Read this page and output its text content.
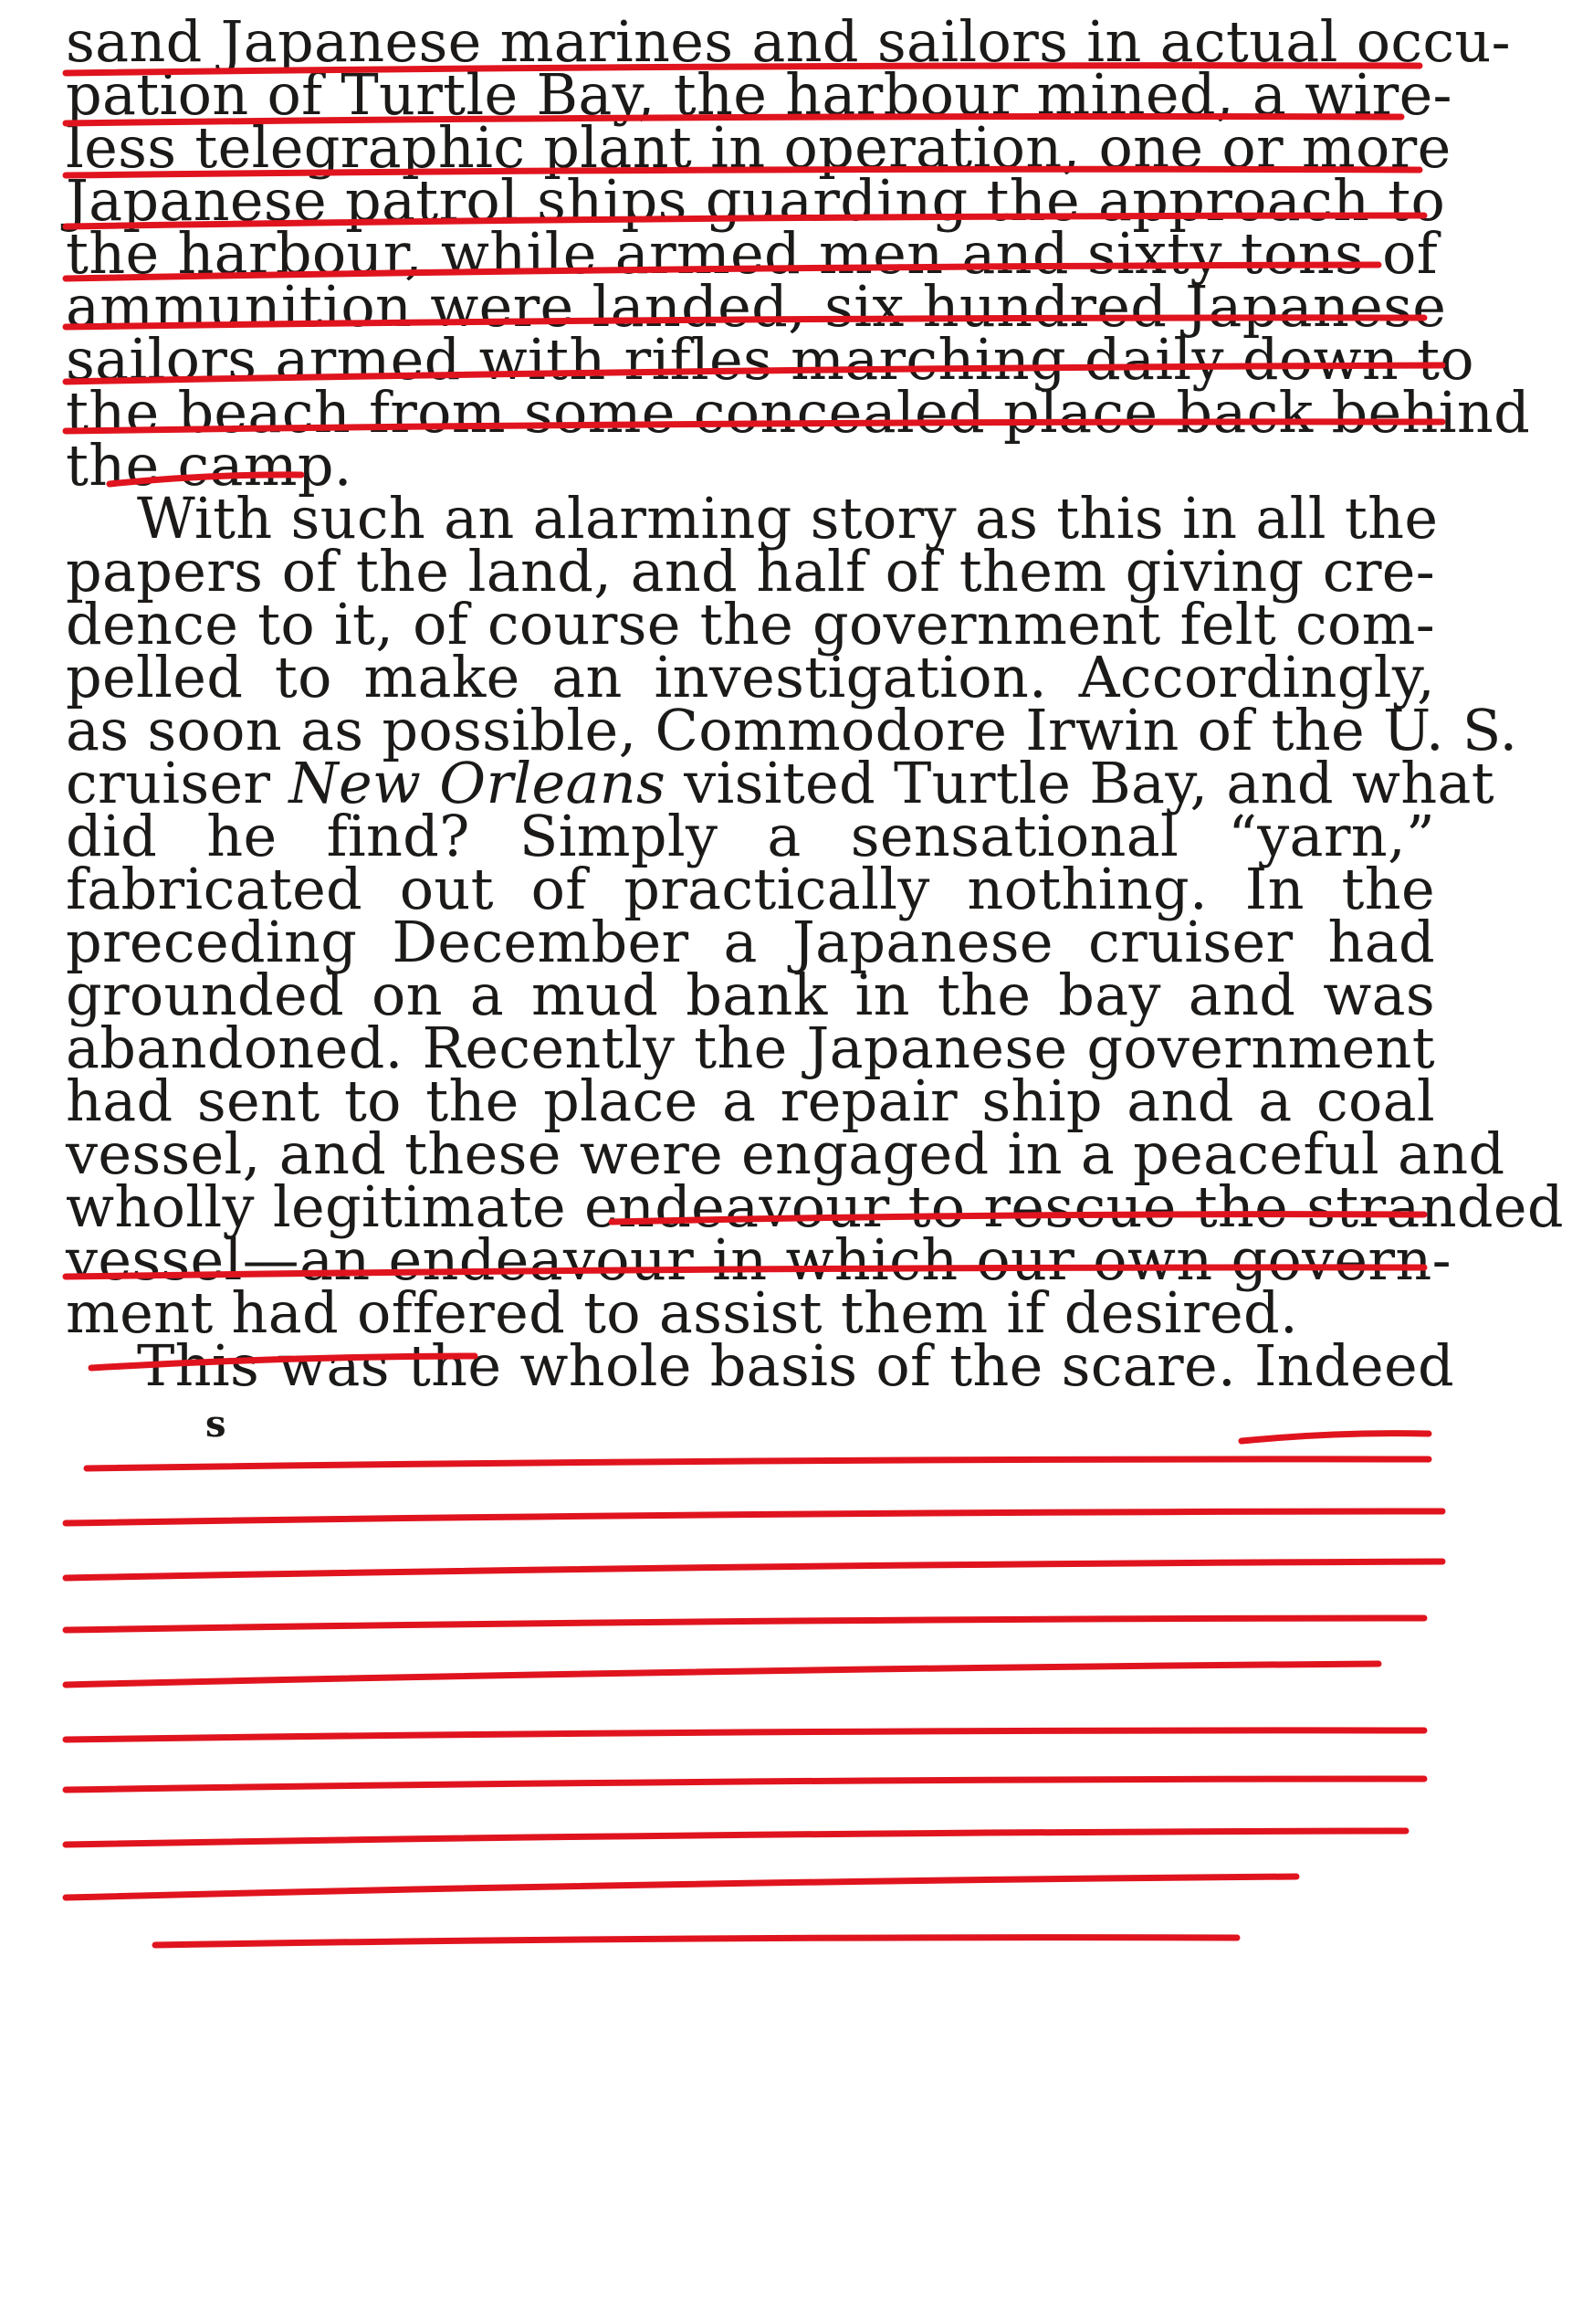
sand Japanese marines and sailors in actual occu-
pation of Turtle Bay, the harbour mined, a wire-
less telegraphic plant in operation, one or more
Japanese patrol ships guarding the approach to
the harbour, while armed men and sixty tons of
ammunition were landed, six hundred Japanese
sailors armed with rifles marching daily down to
the beach from some concealed place back behind
the camp.
With such an alarming story as this in all the
papers of the land, and half of them giving cre-
dence to it, of course the government felt com-
pelled to make an investigation. Accordingly,
as soon as possible, Commodore Irwin of the U. S.
cruiser New Orleans visited Turtle Bay, and what
did he find? Simply a sensational “yarn,”
fabricated out of practically nothing. In the
preceding December a Japanese cruiser had
grounded on a mud bank in the bay and was
abandoned. Recently the Japanese government
had sent to the place a repair ship and a coal
vessel, and these were engaged in a peaceful and
wholly legitimate endeavour to rescue the stranded
vessel—an endeavour in which our own govern-
ment had offered to assist them if desired.
This was the whole basis of the scare. Indeed
s
